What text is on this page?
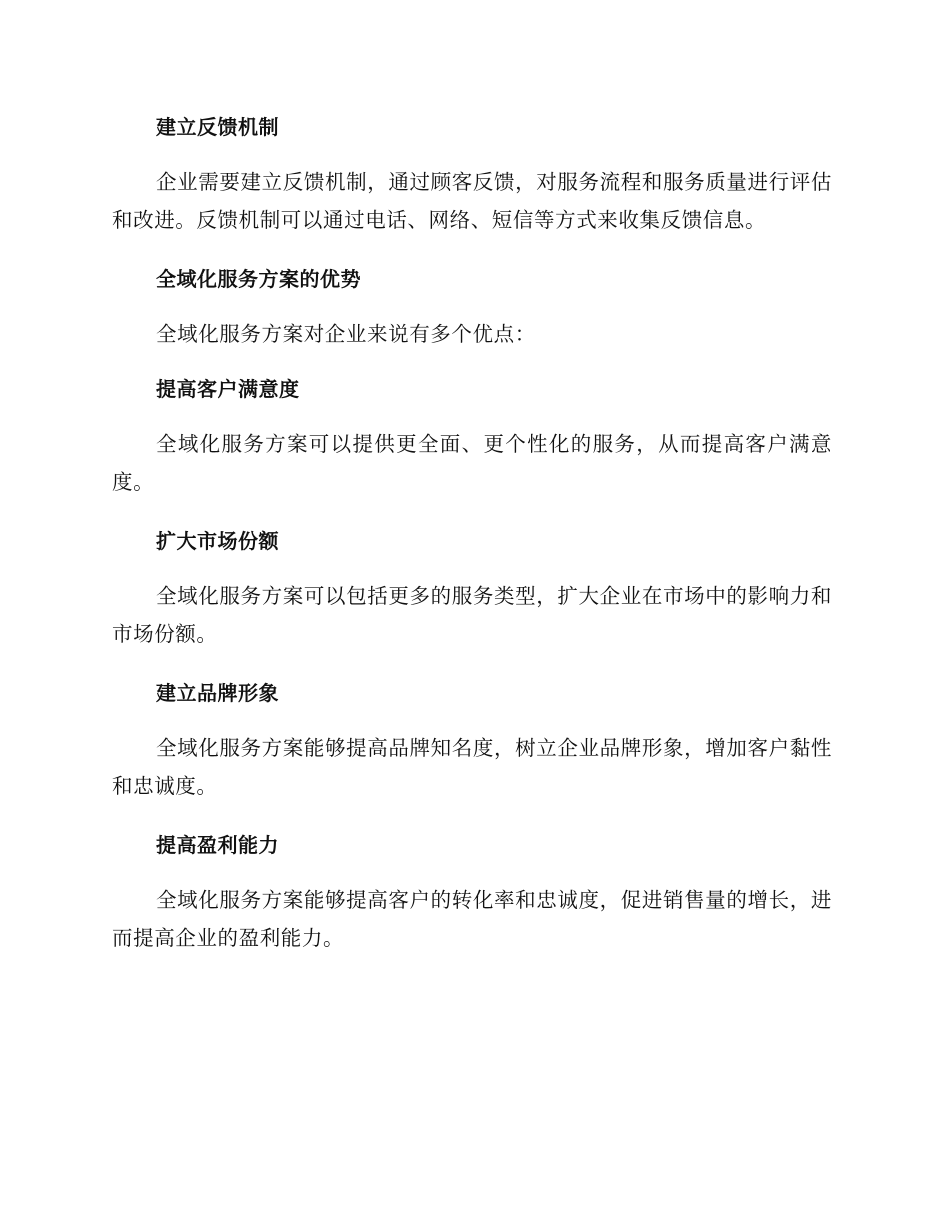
建立反馈机制

企业需要建立反馈机制，通过顾客反馈，对服务流程和服务质量进行评估和改进。反馈机制可以通过电话、网络、短信等方式来收集反馈信息。

全域化服务方案的优势

全域化服务方案对企业来说有多个优点：

提高客户满意度

全域化服务方案可以提供更全面、更个性化的服务，从而提高客户满意度。

扩大市场份额

全域化服务方案可以包括更多的服务类型，扩大企业在市场中的影响力和市场份额。

建立品牌形象

全域化服务方案能够提高品牌知名度，树立企业品牌形象，增加客户黏性和忠诚度。

提高盈利能力

全域化服务方案能够提高客户的转化率和忠诚度，促进销售量的增长，进而提高企业的盈利能力。
